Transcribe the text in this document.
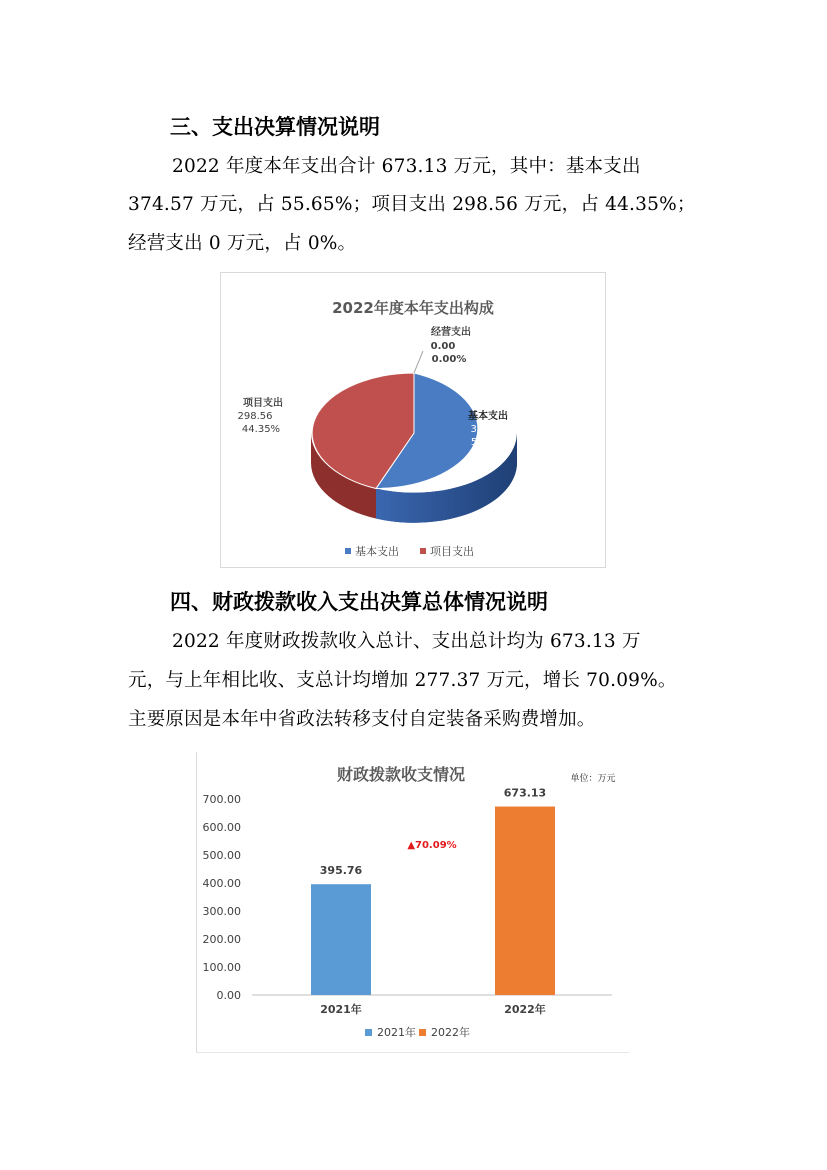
三、支出决算情况说明
2022 年度本年支出合计 673.13 万元，其中：基本支出
374.57 万元，占 55.65%；项目支出 298.56 万元，占 44.35%；
经营支出 0 万元，占 0%。
2022年度本年支出构成
经营支出
0.00
0.00%
项目支出
298.56
44.35%
基本支出
374.57
55.65%
基本支出	项目支出
四、财政拨款收入支出决算总体情况说明
2022 年度财政拨款收入总计、支出总计均为 673.13 万
元，与上年相比收、支总计均增加 277.37 万元，增长 70.09%。
主要原因是本年中省政法转移支付自定装备采购费增加。
财政拨款收支情况	单位：万元
▲70.09%
0.00
100.00
200.00
300.00
400.00
500.00
600.00
700.00
395.76
2021年
673.13
2022年
2021年 2022年
